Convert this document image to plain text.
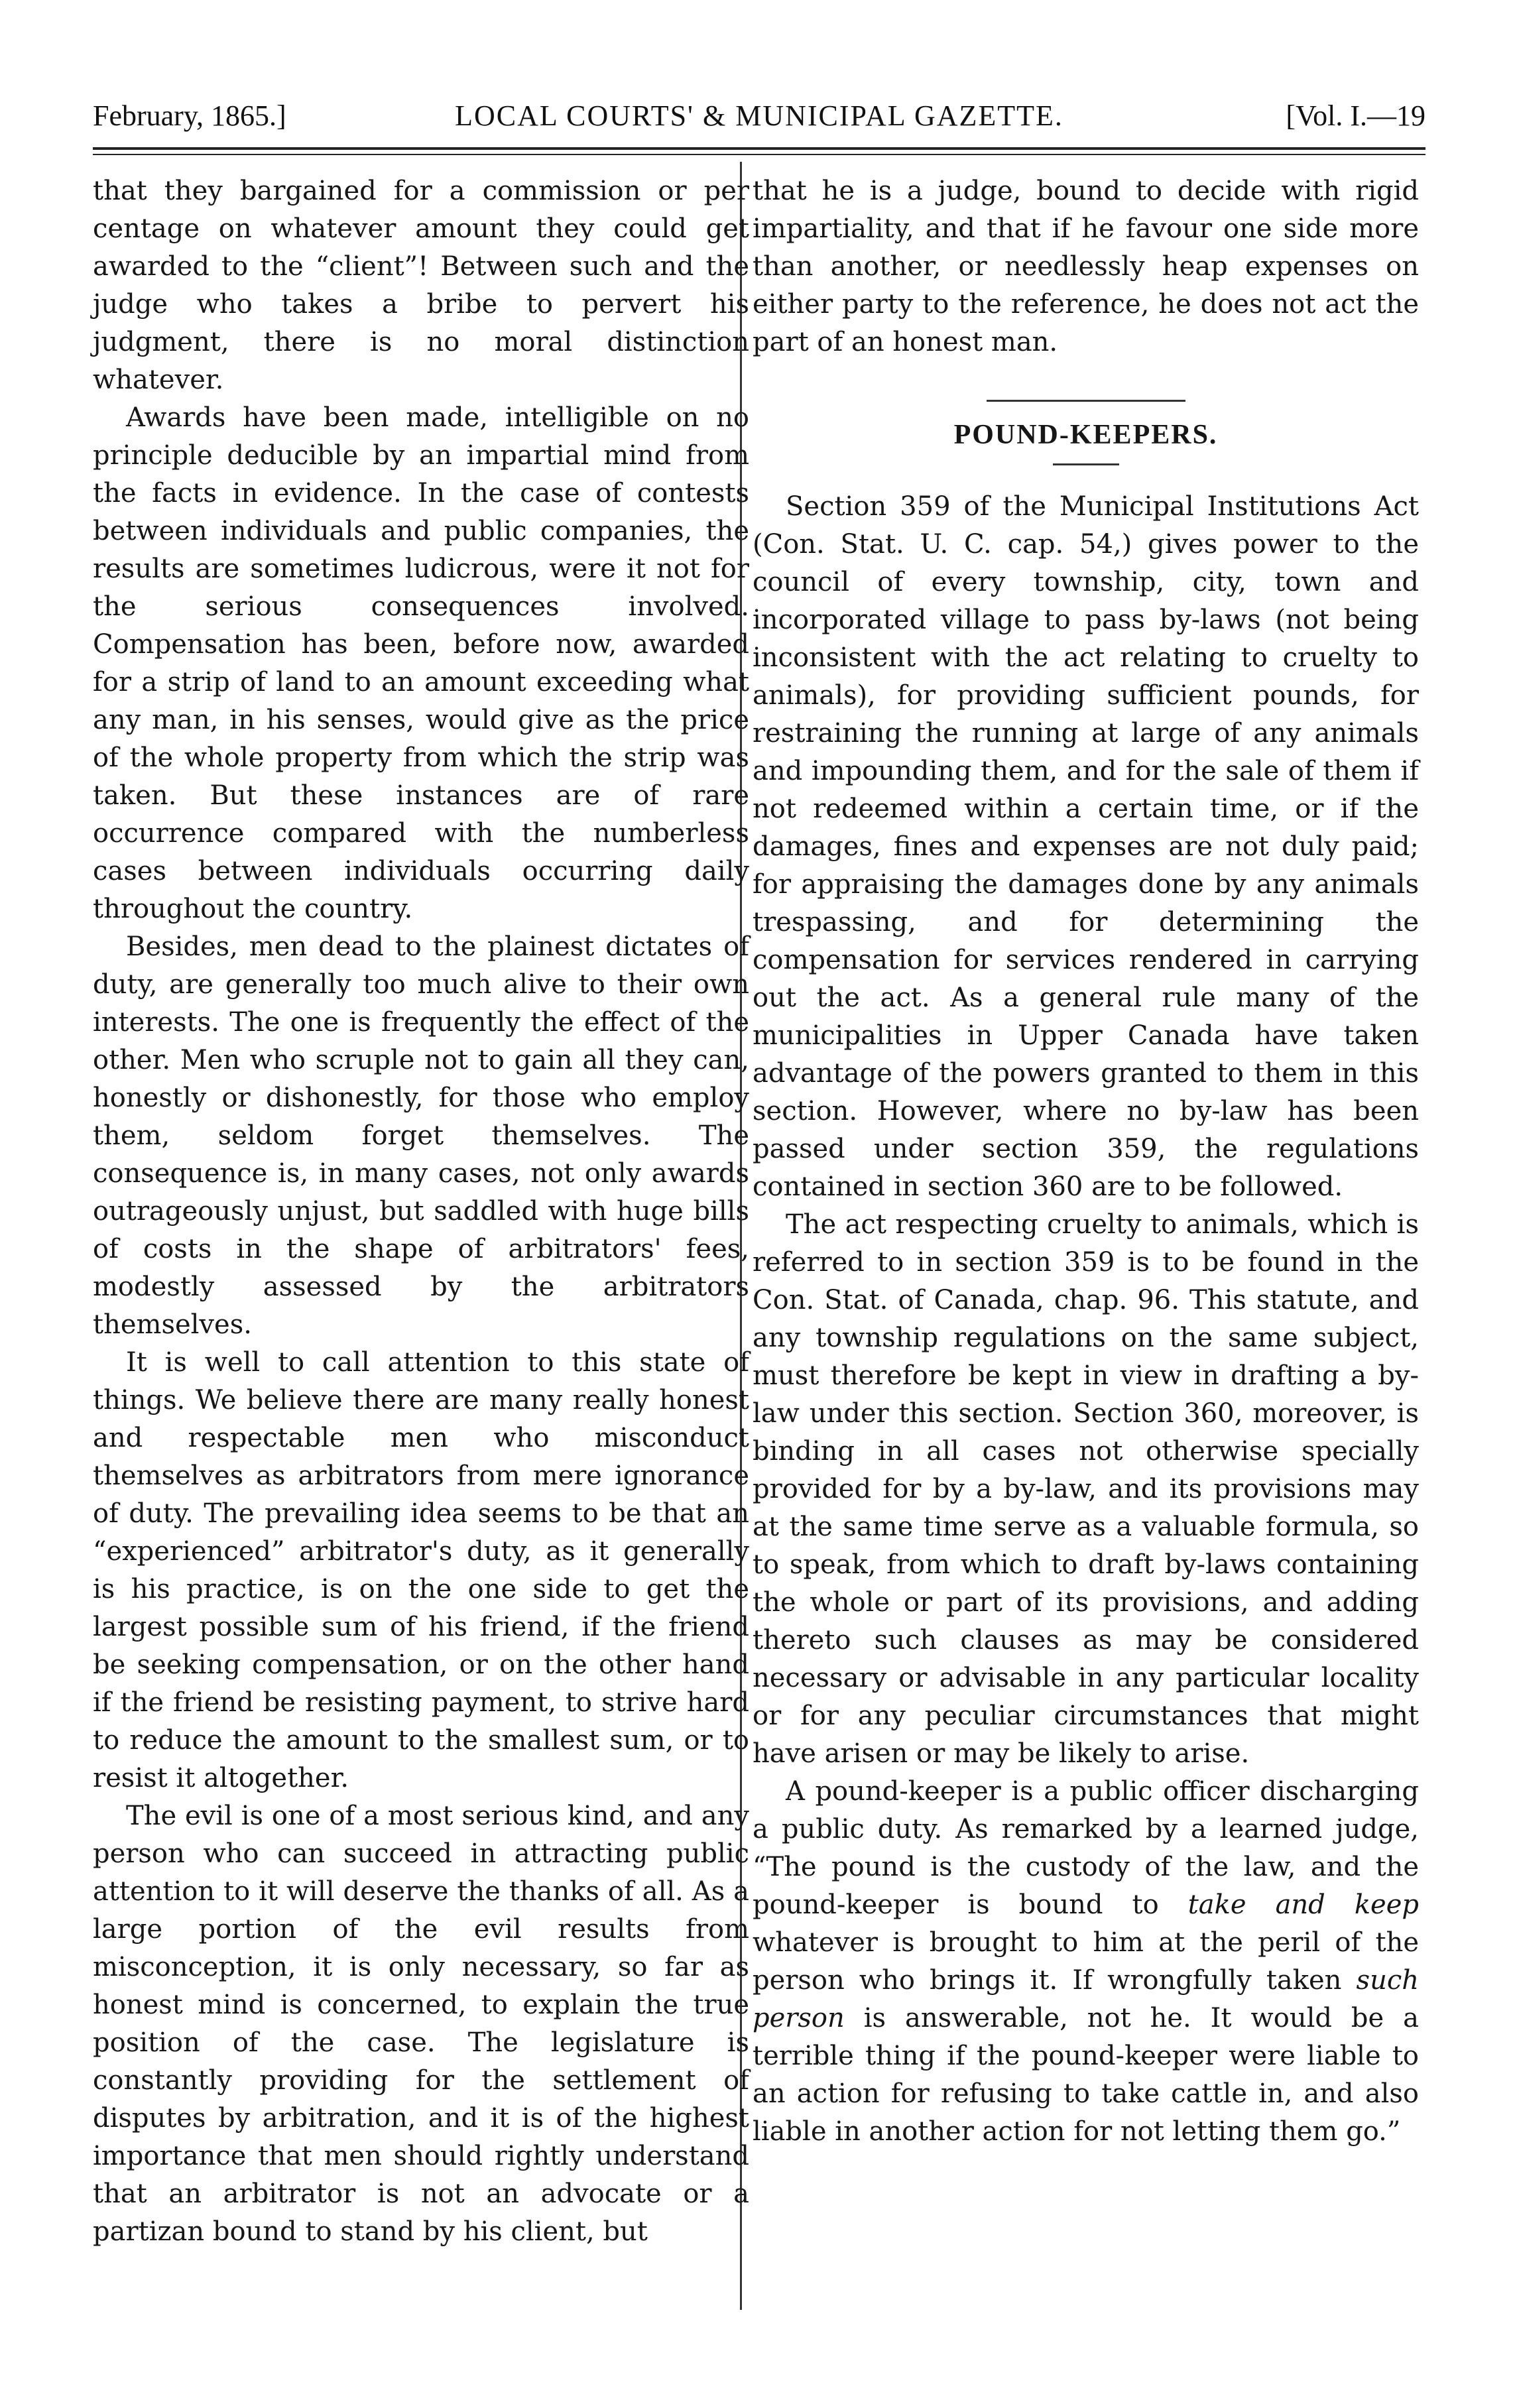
LOCAL COURTS' & MUNICIPAL GAZETTE.
February, 1865.]	[Vol. I.—19

that they bargained for a commission or per centage on whatever amount they could get awarded to the “client”! Between such and the judge who takes a bribe to pervert his judgment, there is no moral distinction whatever.

Awards have been made, intelligible on no principle deducible by an impartial mind from the facts in evidence. In the case of contests between individuals and public companies, the results are sometimes ludicrous, were it not for the serious consequences involved. Compensation has been, before now, awarded for a strip of land to an amount exceeding what any man, in his senses, would give as the price of the whole property from which the strip was taken. But these instances are of rare occurrence compared with the numberless cases between individuals occurring daily throughout the country.

Besides, men dead to the plainest dictates of duty, are generally too much alive to their own interests. The one is frequently the effect of the other. Men who scruple not to gain all they can, honestly or dishonestly, for those who employ them, seldom forget themselves. The consequence is, in many cases, not only awards outrageously unjust, but saddled with huge bills of costs in the shape of arbitrators' fees, modestly assessed by the arbitrators themselves.

It is well to call attention to this state of things. We believe there are many really honest and respectable men who misconduct themselves as arbitrators from mere ignorance of duty. The prevailing idea seems to be that an “experienced” arbitrator's duty, as it generally is his practice, is on the one side to get the largest possible sum of his friend, if the friend be seeking compensation, or on the other hand if the friend be resisting payment, to strive hard to reduce the amount to the smallest sum, or to resist it altogether.

The evil is one of a most serious kind, and any person who can succeed in attracting public attention to it will deserve the thanks of all. As a large portion of the evil results from misconception, it is only necessary, so far as honest mind is concerned, to explain the true position of the case. The legislature is constantly providing for the settlement of disputes by arbitration, and it is of the highest importance that men should rightly understand that an arbitrator is not an advocate or a partizan bound to stand by his client, but

that he is a judge, bound to decide with rigid impartiality, and that if he favour one side more than another, or needlessly heap expenses on either party to the reference, he does not act the part of an honest man.

POUND-KEEPERS.

Section 359 of the Municipal Institutions Act (Con. Stat. U. C. cap. 54,) gives power to the council of every township, city, town and incorporated village to pass by-laws (not being inconsistent with the act relating to cruelty to animals), for providing sufficient pounds, for restraining the running at large of any animals and impounding them, and for the sale of them if not redeemed within a certain time, or if the damages, fines and expenses are not duly paid; for appraising the damages done by any animals trespassing, and for determining the compensation for services rendered in carrying out the act. As a general rule many of the municipalities in Upper Canada have taken advantage of the powers granted to them in this section. However, where no by-law has been passed under section 359, the regulations contained in section 360 are to be followed.

The act respecting cruelty to animals, which is referred to in section 359 is to be found in the Con. Stat. of Canada, chap. 96. This statute, and any township regulations on the same subject, must therefore be kept in view in drafting a by-law under this section. Section 360, moreover, is binding in all cases not otherwise specially provided for by a by-law, and its provisions may at the same time serve as a valuable formula, so to speak, from which to draft by-laws containing the whole or part of its provisions, and adding thereto such clauses as may be considered necessary or advisable in any particular locality or for any peculiar circumstances that might have arisen or may be likely to arise.

A pound-keeper is a public officer discharging a public duty. As remarked by a learned judge, “The pound is the custody of the law, and the pound-keeper is bound to take and keep whatever is brought to him at the peril of the person who brings it. If wrongfully taken such person is answerable, not he. It would be a terrible thing if the pound-keeper were liable to an action for refusing to take cattle in, and also liable in another action for not letting them go.”
